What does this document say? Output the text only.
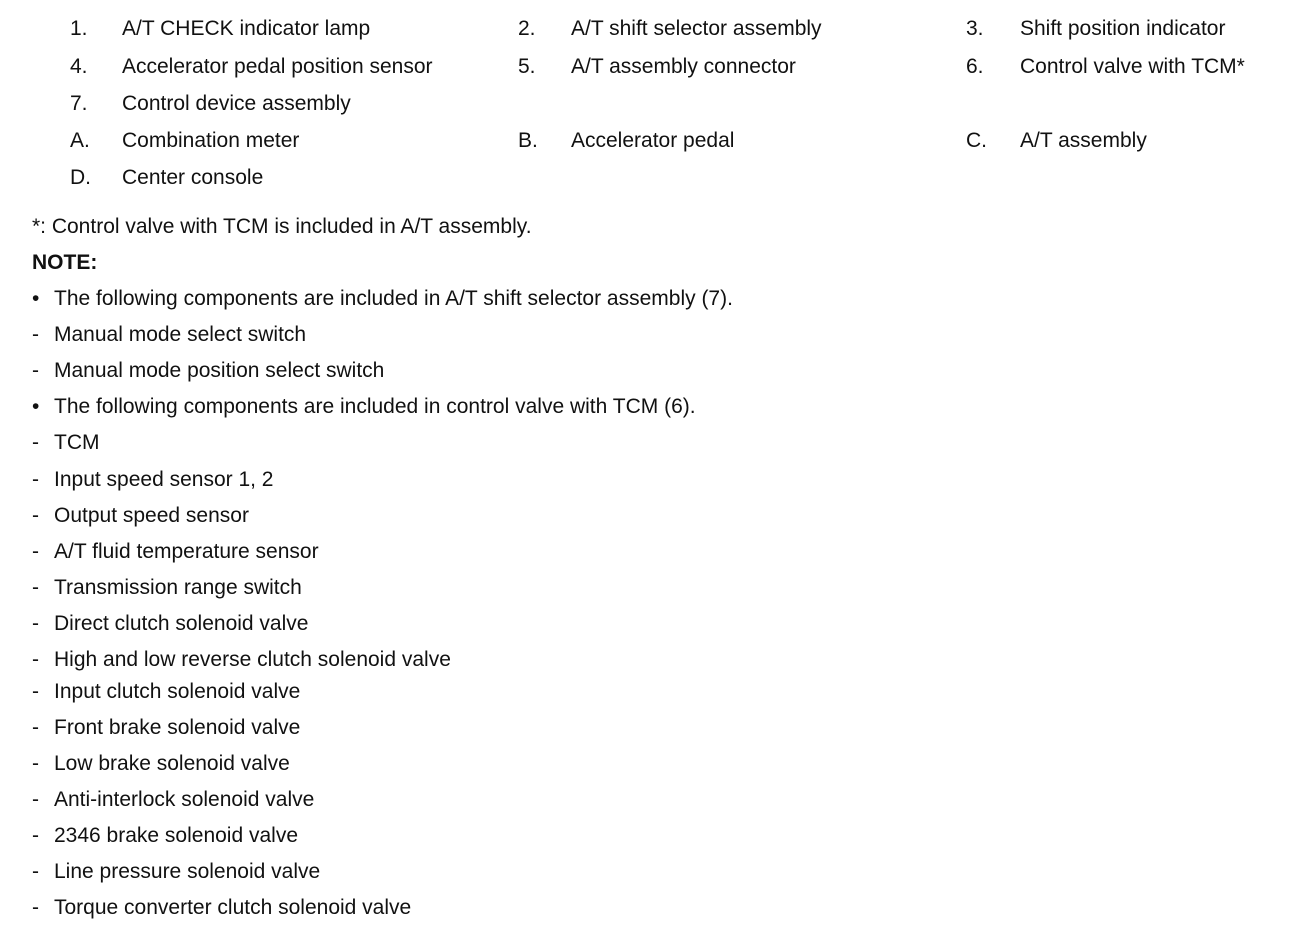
1. A/T CHECK indicator lamp	2. A/T shift selector assembly	3. Shift position indicator
4. Accelerator pedal position sensor	5. A/T assembly connector	6. Control valve with TCM*
7. Control device assembly
A. Combination meter	B. Accelerator pedal	C. A/T assembly
D. Center console
*: Control valve with TCM is included in A/T assembly.
NOTE:
• The following components are included in A/T shift selector assembly (7).
- Manual mode select switch
- Manual mode position select switch
• The following components are included in control valve with TCM (6).
- TCM
- Input speed sensor 1, 2
- Output speed sensor
- A/T fluid temperature sensor
- Transmission range switch
- Direct clutch solenoid valve
- High and low reverse clutch solenoid valve
- Input clutch solenoid valve
- Front brake solenoid valve
- Low brake solenoid valve
- Anti-interlock solenoid valve
- 2346 brake solenoid valve
- Line pressure solenoid valve
- Torque converter clutch solenoid valve
